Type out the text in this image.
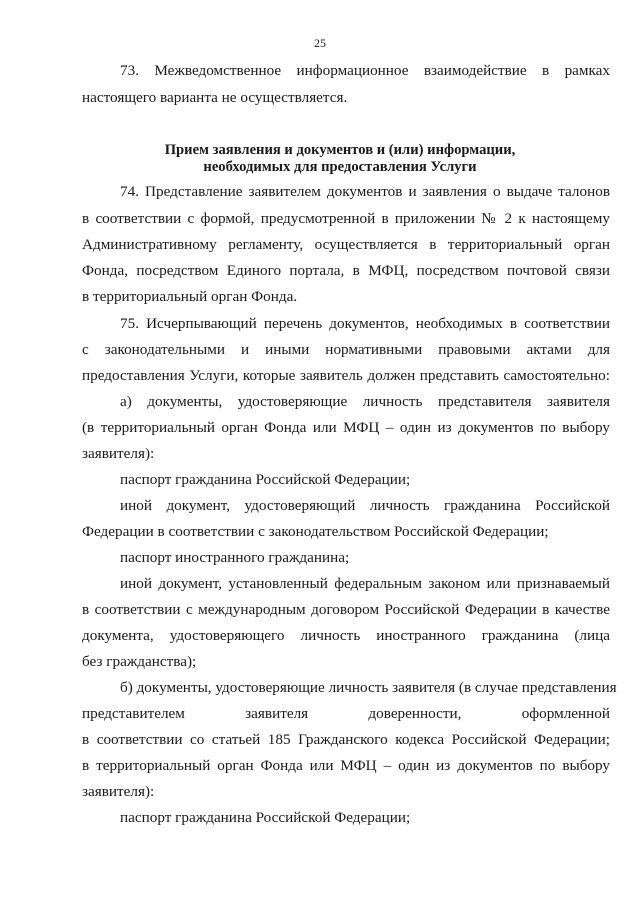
25
73. Межведомственное информационное взаимодействие в рамках
настоящего варианта не осуществляется.
Прием заявления и документов и (или) информации,
необходимых для предоставления Услуги
74. Представление заявителем документов и заявления о выдаче талонов
в соответствии с формой, предусмотренной в приложении № 2 к настоящему
Административному регламенту, осуществляется в территориальный орган
Фонда, посредством Единого портала, в МФЦ, посредством почтовой связи
в территориальный орган Фонда.
75. Исчерпывающий перечень документов, необходимых в соответствии
с законодательными и иными нормативными правовыми актами для
предоставления Услуги, которые заявитель должен представить самостоятельно:
а) документы, удостоверяющие личность представителя заявителя
(в территориальный орган Фонда или МФЦ – один из документов по выбору
заявителя):
паспорт гражданина Российской Федерации;
иной документ, удостоверяющий личность гражданина Российской
Федерации в соответствии с законодательством Российской Федерации;
паспорт иностранного гражданина;
иной документ, установленный федеральным законом или признаваемый
в соответствии с международным договором Российской Федерации в качестве
документа, удостоверяющего личность иностранного гражданина (лица
без гражданства);
б) документы, удостоверяющие личность заявителя (в случае представления
представителем заявителя доверенности, оформленной
в соответствии со статьей 185 Гражданского кодекса Российской Федерации;
в территориальный орган Фонда или МФЦ – один из документов по выбору
заявителя):
паспорт гражданина Российской Федерации;
